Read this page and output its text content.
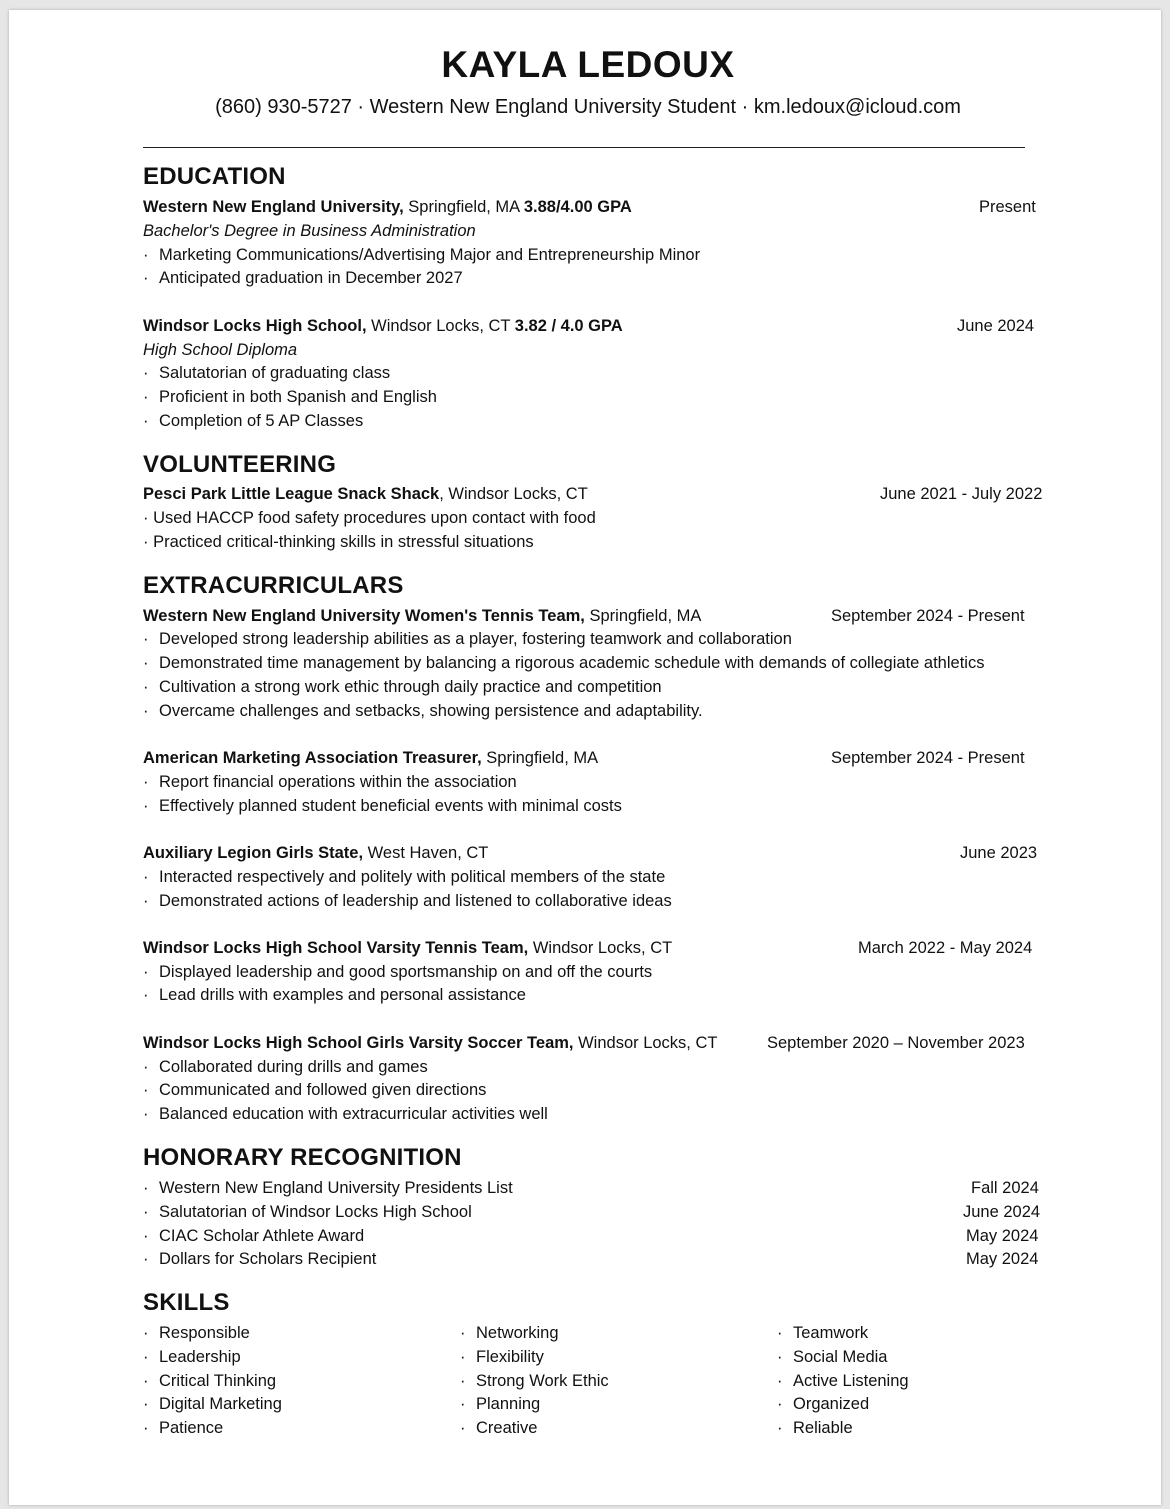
KAYLA LEDOUX
(860) 930-5727 · Western New England University Student · km.ledoux@icloud.com
EDUCATION
Western New England University, Springfield, MA 3.88/4.00 GPA	Present
Bachelor's Degree in Business Administration
· Marketing Communications/Advertising Major and Entrepreneurship Minor
· Anticipated graduation in December 2027
Windsor Locks High School, Windsor Locks, CT 3.82 / 4.0 GPA	June 2024
High School Diploma
· Salutatorian of graduating class
· Proficient in both Spanish and English
· Completion of 5 AP Classes
VOLUNTEERING
Pesci Park Little League Snack Shack, Windsor Locks, CT	June 2021 - July 2022
· Used HACCP food safety procedures upon contact with food
· Practiced critical-thinking skills in stressful situations
EXTRACURRICULARS
Western New England University Women's Tennis Team, Springfield, MA	September 2024 - Present
· Developed strong leadership abilities as a player, fostering teamwork and collaboration
· Demonstrated time management by balancing a rigorous academic schedule with demands of collegiate athletics
· Cultivation a strong work ethic through daily practice and competition
· Overcame challenges and setbacks, showing persistence and adaptability.
American Marketing Association Treasurer, Springfield, MA	September 2024 - Present
· Report financial operations within the association
· Effectively planned student beneficial events with minimal costs
Auxiliary Legion Girls State, West Haven, CT	June 2023
· Interacted respectively and politely with political members of the state
· Demonstrated actions of leadership and listened to collaborative ideas
Windsor Locks High School Varsity Tennis Team, Windsor Locks, CT	March 2022 - May 2024
· Displayed leadership and good sportsmanship on and off the courts
· Lead drills with examples and personal assistance
Windsor Locks High School Girls Varsity Soccer Team, Windsor Locks, CT	September 2020 – November 2023
· Collaborated during drills and games
· Communicated and followed given directions
· Balanced education with extracurricular activities well
HONORARY RECOGNITION
· Western New England University Presidents List	Fall 2024
· Salutatorian of Windsor Locks High School	June 2024
· CIAC Scholar Athlete Award	May 2024
· Dollars for Scholars Recipient	May 2024
SKILLS
· Responsible
· Leadership
· Critical Thinking
· Digital Marketing
· Patience
· Networking
· Flexibility
· Strong Work Ethic
· Planning
· Creative
· Teamwork
· Social Media
· Active Listening
· Organized
· Reliable
